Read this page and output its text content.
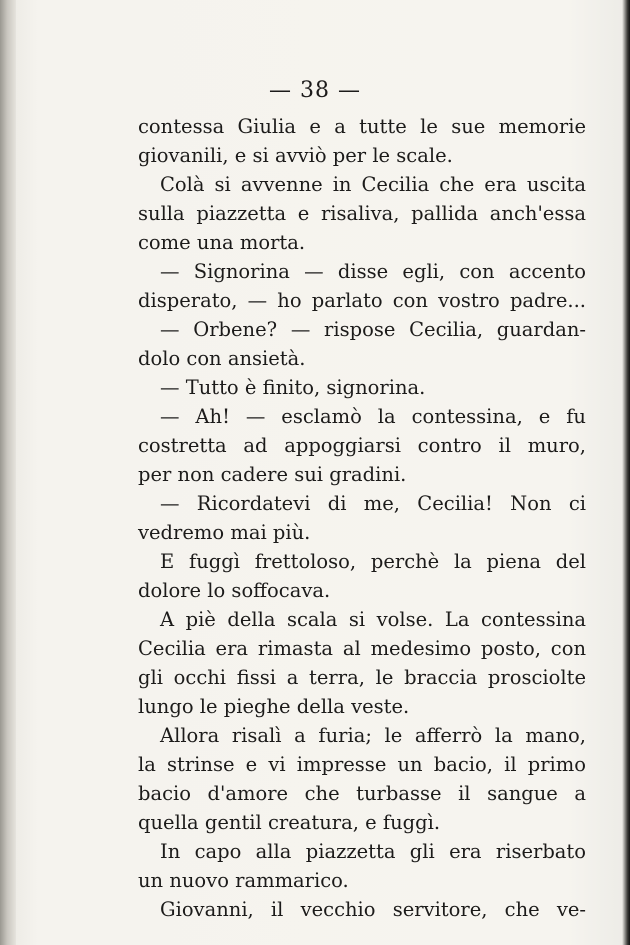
— 38 —
contessa Giulia e a tutte le sue memorie
giovanili, e si avviò per le scale.
Colà si avvenne in Cecilia che era uscita
sulla piazzetta e risaliva, pallida anch'essa
come una morta.
— Signorina — disse egli, con accento
disperato, — ho parlato con vostro padre...
— Orbene? — rispose Cecilia, guardan-
dolo con ansietà.
— Tutto è finito, signorina.
— Ah! — esclamò la contessina, e fu
costretta ad appoggiarsi contro il muro,
per non cadere sui gradini.
— Ricordatevi di me, Cecilia! Non ci
vedremo mai più.
E fuggì frettoloso, perchè la piena del
dolore lo soffocava.
A piè della scala si volse. La contessina
Cecilia era rimasta al medesimo posto, con
gli occhi fissi a terra, le braccia prosciolte
lungo le pieghe della veste.
Allora risalì a furia; le afferrò la mano,
la strinse e vi impresse un bacio, il primo
bacio d'amore che turbasse il sangue a
quella gentil creatura, e fuggì.
In capo alla piazzetta gli era riserbato
un nuovo rammarico.
Giovanni, il vecchio servitore, che ve-
